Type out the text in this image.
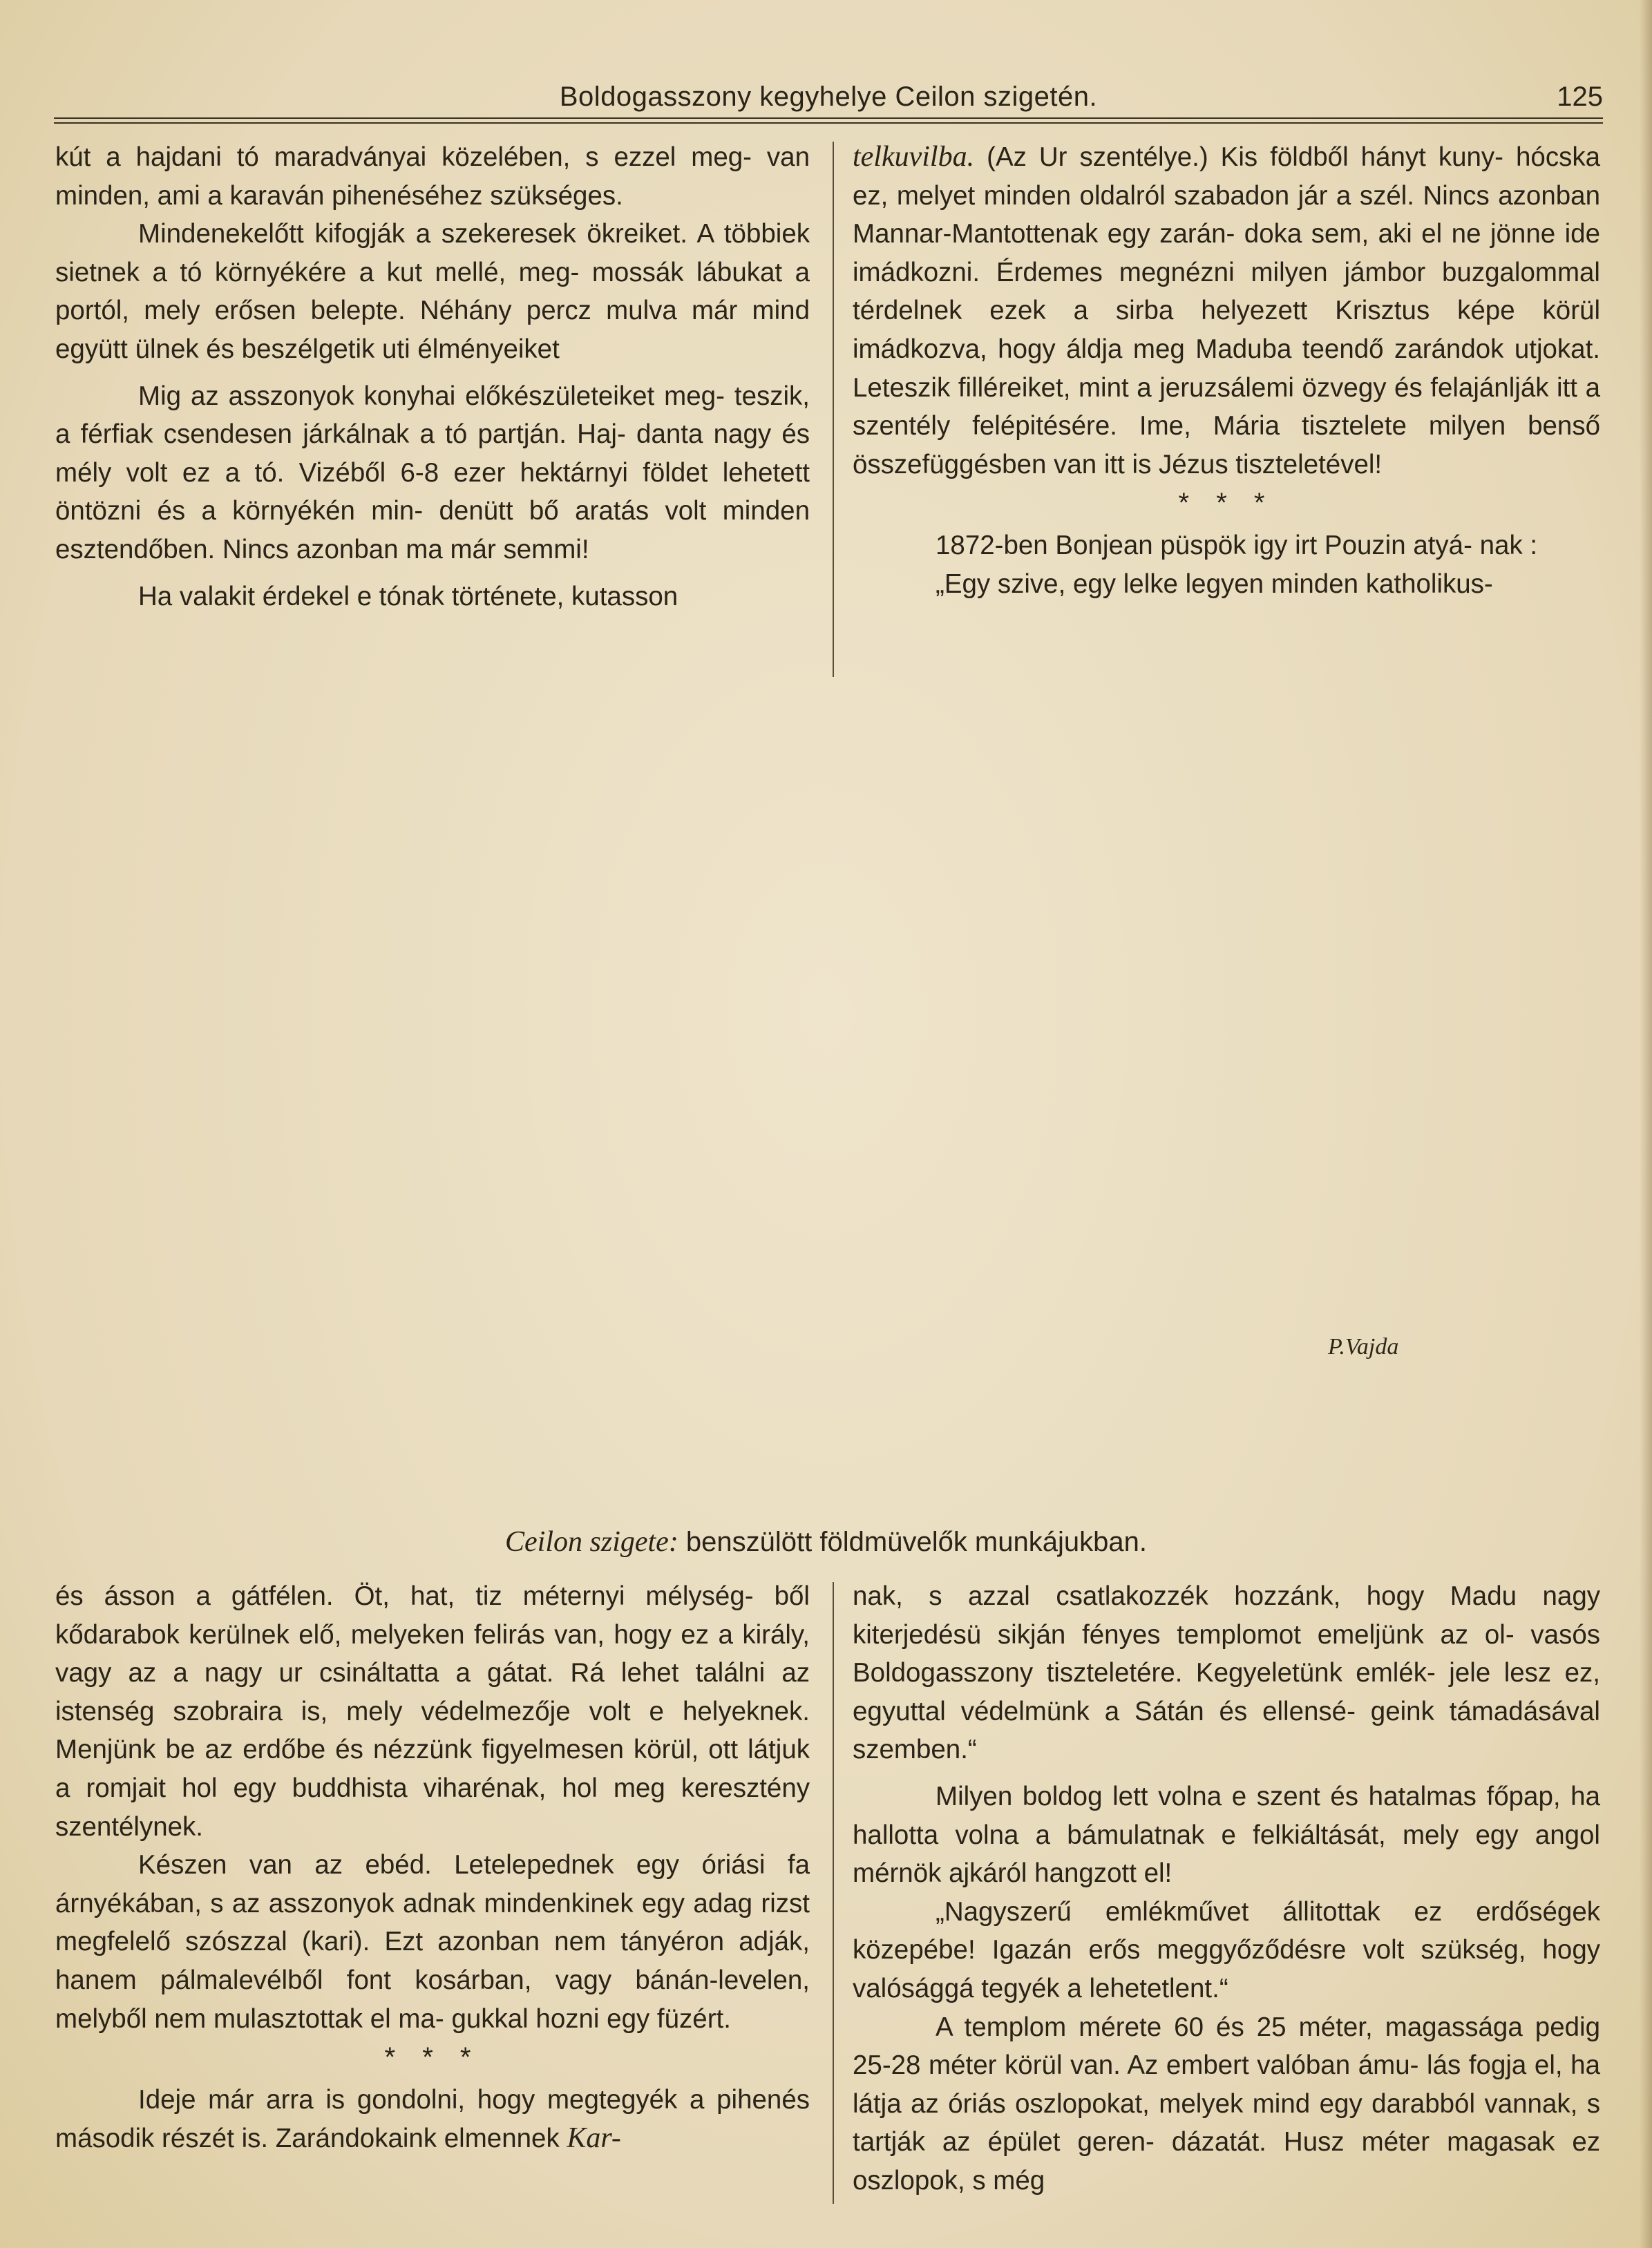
Boldogasszony kegyhelye Ceilon szigetén.	125

kút a hajdani tó maradványai közelében, s ezzel meg- van minden, ami a karaván pihenéséhez szükséges.

Mindenekelőtt kifogják a szekeresek ökreiket. A többiek sietnek a tó környékére a kut mellé, meg- mossák lábukat a portól, mely erősen belepte. Néhány percz mulva már mind együtt ülnek és beszélgetik uti élményeiket

Mig az asszonyok konyhai előkészületeiket meg- teszik, a férfiak csendesen járkálnak a tó partján. Haj- danta nagy és mély volt ez a tó. Vizéből 6-8 ezer hektárnyi földet lehetett öntözni és a környékén min- denütt bő aratás volt minden esztendőben. Nincs azonban ma már semmi!

Ha valakit érdekel e tónak története, kutasson

telkuvilba. (Az Ur szentélye.) Kis földből hányt kuny- hócska ez, melyet minden oldalról szabadon jár a szél. Nincs azonban Mannar-Mantottenak egy zarán- doka sem, aki el ne jönne ide imádkozni. Érdemes megnézni milyen jámbor buzgalommal térdelnek ezek a sirba helyezett Krisztus képe körül imádkozva, hogy áldja meg Maduba teendő zarándok utjokat. Leteszik filléreiket, mint a jeruzsálemi özvegy és felajánlják itt a szentély felépitésére. Ime, Mária tisztelete milyen benső összefüggésben van itt is Jézus tiszteletével!

* * *

1872-ben Bonjean püspök igy irt Pouzin atyá- nak :

„Egy szive, egy lelke legyen minden katholikus-

P.Vajda
Ceilon szigete: benszülött földmüvelők munkájukban.

és ásson a gátfélen. Öt, hat, tiz méternyi mélység- ből kődarabok kerülnek elő, melyeken felirás van, hogy ez a király, vagy az a nagy ur csináltatta a gátat. Rá lehet találni az istenség szobraira is, mely védelmezője volt e helyeknek. Menjünk be az erdőbe és nézzünk figyelmesen körül, ott látjuk a romjait hol egy buddhista viharénak, hol meg keresztény szentélynek.

Készen van az ebéd. Letelepednek egy óriási fa árnyékában, s az asszonyok adnak mindenkinek egy adag rizst megfelelő szószzal (kari). Ezt azonban nem tányéron adják, hanem pálmalevélből font kosárban, vagy bánán-levelen, melyből nem mulasztottak el ma- gukkal hozni egy füzért.

* * *

Ideje már arra is gondolni, hogy megtegyék a pihenés második részét is. Zarándokaink elmennek Kar-

nak, s azzal csatlakozzék hozzánk, hogy Madu nagy kiterjedésü sikján fényes templomot emeljünk az ol- vasós Boldogasszony tiszteletére. Kegyeletünk emlék- jele lesz ez, egyuttal védelmünk a Sátán és ellensé- geink támadásával szemben.“

Milyen boldog lett volna e szent és hatalmas főpap, ha hallotta volna a bámulatnak e felkiáltását, mely egy angol mérnök ajkáról hangzott el!

„Nagyszerű emlékművet állitottak ez erdőségek közepébe! Igazán erős meggyőződésre volt szükség, hogy valósággá tegyék a lehetetlent.“

A templom mérete 60 és 25 méter, magassága pedig 25-28 méter körül van. Az embert valóban ámu- lás fogja el, ha látja az óriás oszlopokat, melyek mind egy darabból vannak, s tartják az épület geren- dázatát. Husz méter magasak ez oszlopok, s még
